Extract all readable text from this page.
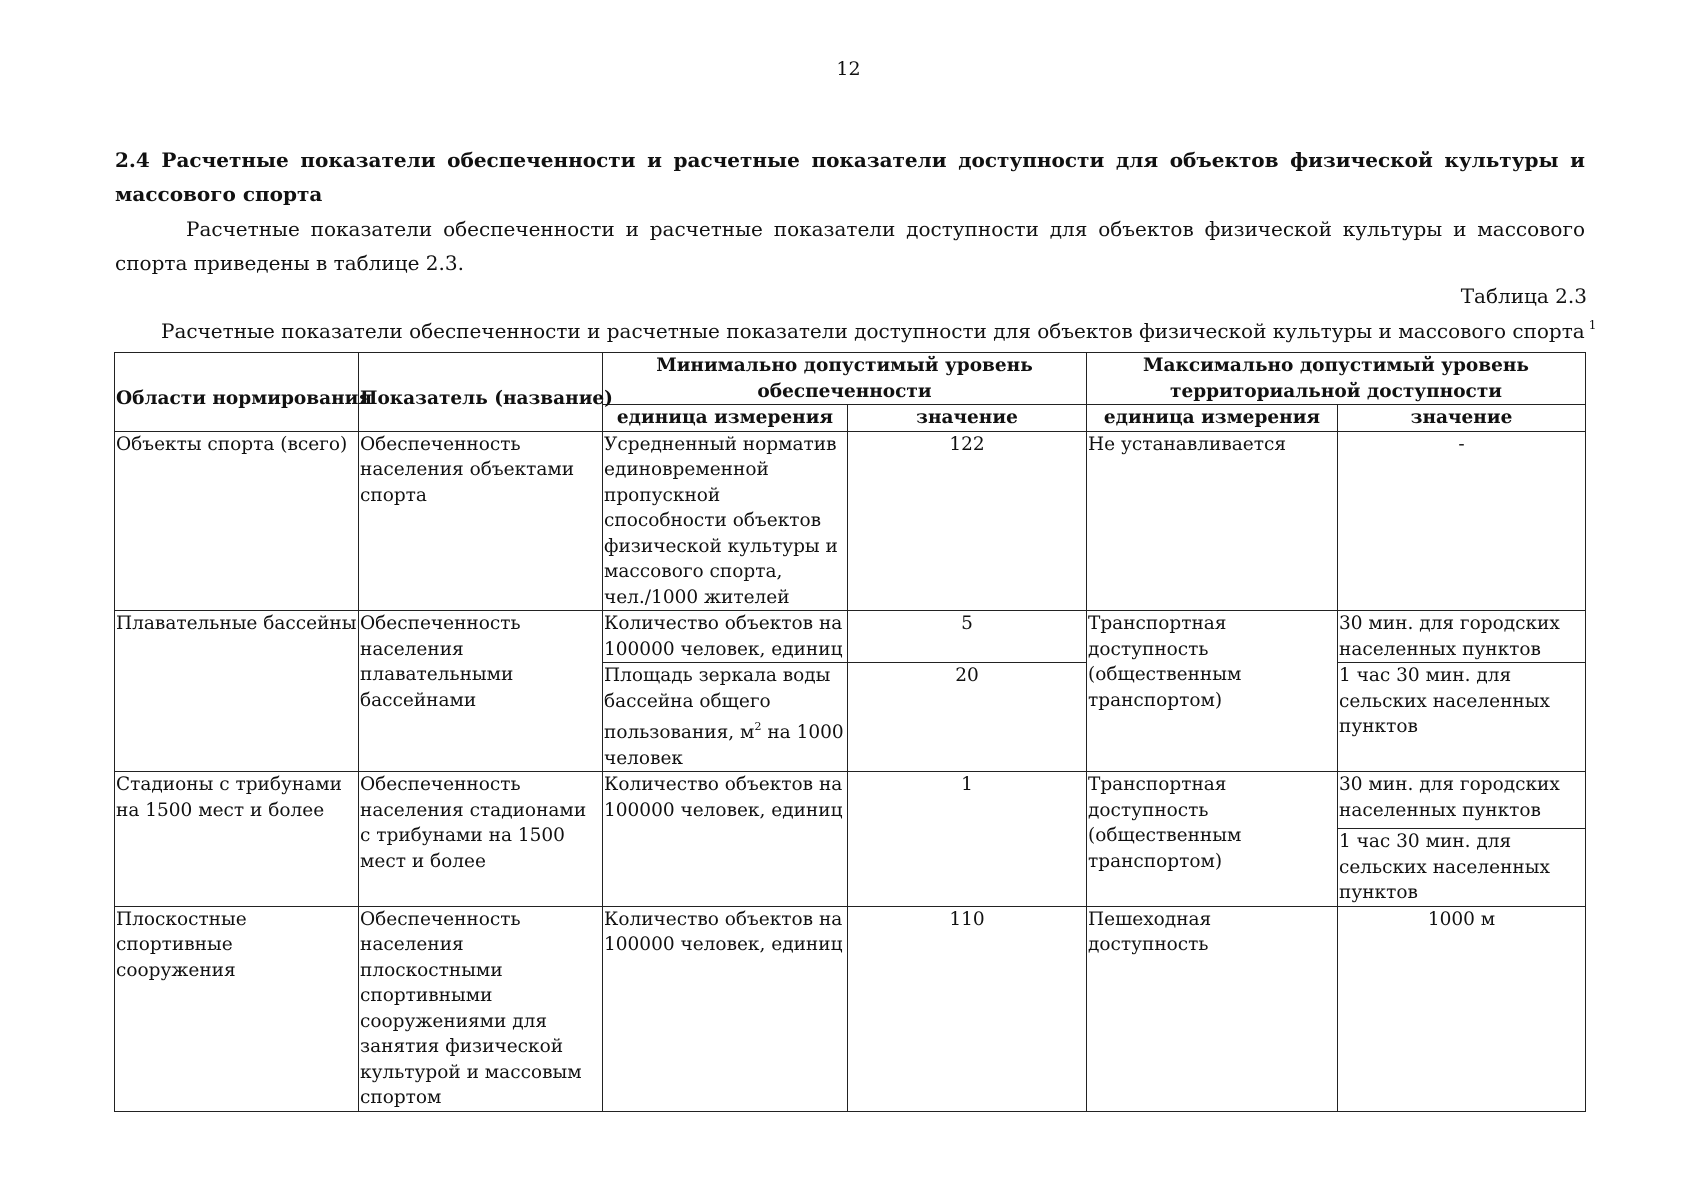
12
2.4 Расчетные показатели обеспеченности и расчетные показатели доступности для объектов физической культуры и массового спорта
Расчетные показатели обеспеченности и расчетные показатели доступности для объектов физической культуры и массового спорта приведены в таблице 2.3.
Таблица 2.3
Расчетные показатели обеспеченности и расчетные показатели доступности для объектов физической культуры и массового спорта $^1$
Области нормирования	Показатель (название)	Минимально допустимый уровень обеспеченности		Максимально допустимый уровень территориальной доступности	
		единица измерения	значение	единица измерения	значение
Объекты спорта (всего)	Обеспеченность населения объектами спорта	Усредненный норматив единовременной пропускной способности объектов физической культуры и массового спорта, чел./1000 жителей	122	Не устанавливается	-
Плавательные бассейны	Обеспеченность населения плавательными бассейнами	Количество объектов на 100000 человек, единиц	5	Транспортная доступность (общественным транспортом)	30 мин. для городских населенных пунктов
		Площадь зеркала воды бассейна общего пользования, $м^2$ на 1000 человек	20		
					1 час 30 мин. для сельских населенных пунктов
Стадионы с трибунами на 1500 мест и более	Обеспеченность населения стадионами с трибунами на 1500 мест и более	Количество объектов на 100000 человек, единиц	1	Транспортная доступность (общественным транспортом)	30 мин. для городских населенных пунктов
					1 час 30 мин. для сельских населенных пунктов
Плоскостные спортивные сооружения	Обеспеченность населения плоскостными спортивными сооружениями для занятия физической культурой и массовым спортом	Количество объектов на 100000 человек, единиц	110	Пешеходная доступность	1000 м
